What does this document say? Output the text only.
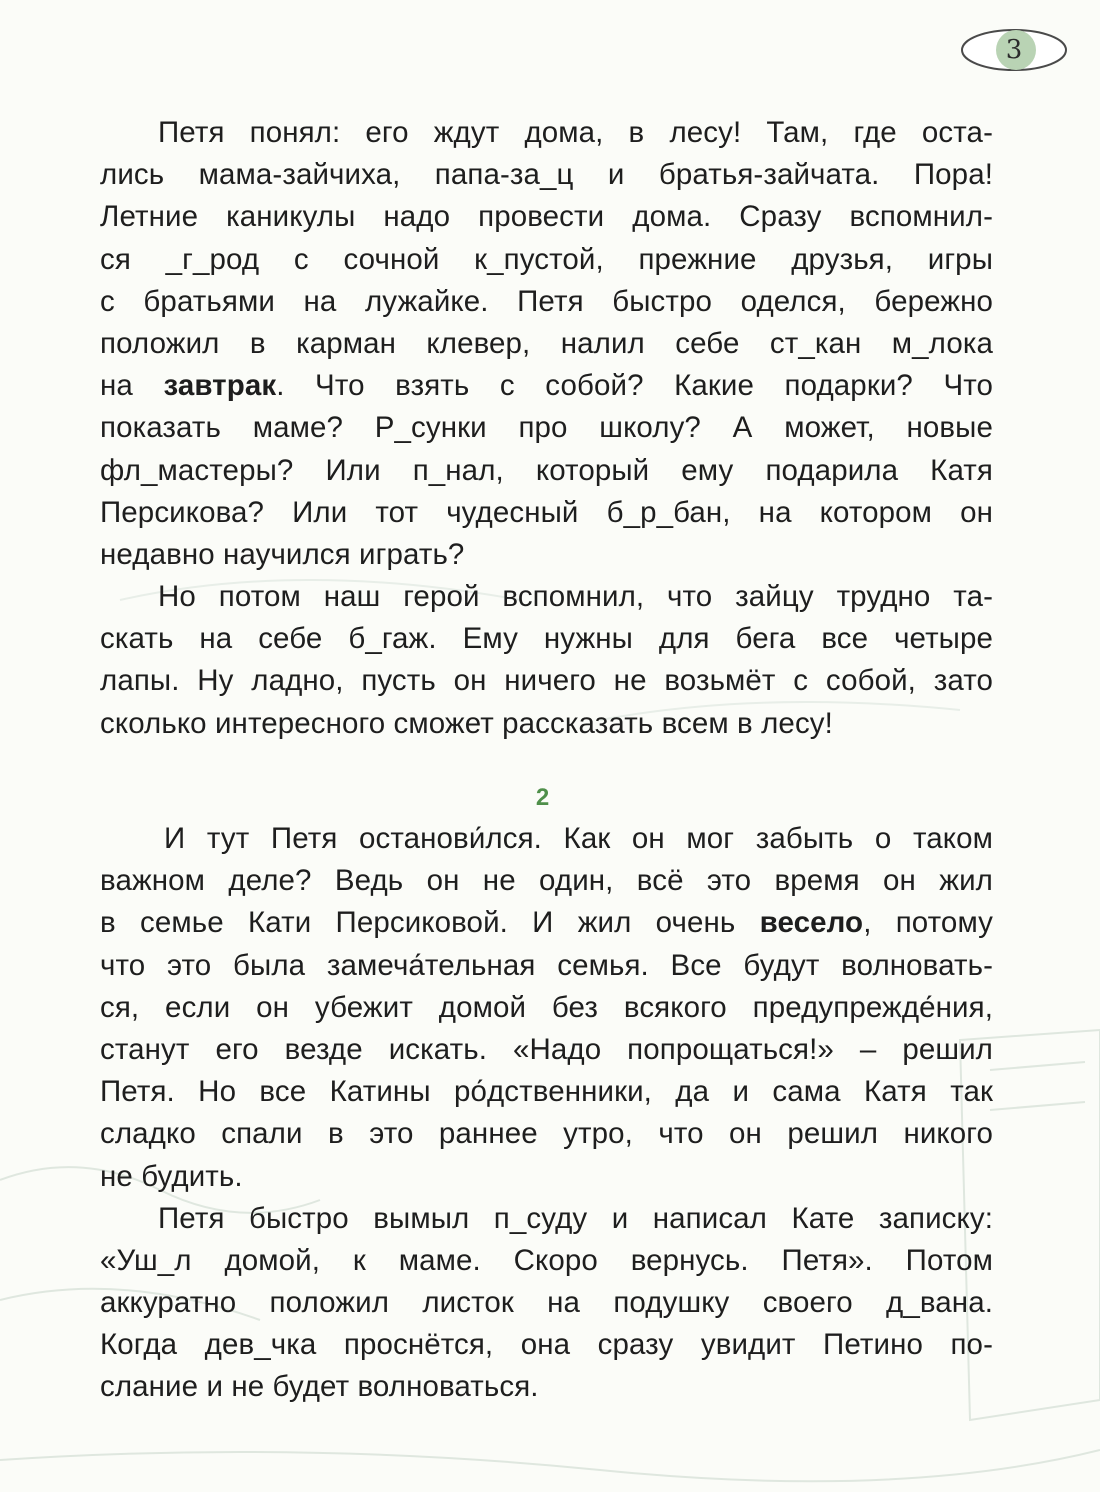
3
Петя понял: его ждут дома, в лесу! Там, где оста-
лись мама-зайчиха, папа-за_ц и братья-зайчата. Пора!
Летние каникулы надо провести дома. Сразу вспомнил-
ся _г_род с сочной к_пустой, прежние друзья, игры
с братьями на лужайке. Петя быстро оделся, бережно
положил в карман клевер, налил себе ст_кан м_лока
на завтрак. Что взять с собой? Какие подарки? Что
показать маме? Р_сунки про школу? А может, новые
фл_мастеры? Или п_нал, который ему подарила Катя
Персикова? Или тот чудесный б_р_бан, на котором он
недавно научился играть?
Но потом наш герой вспомнил, что зайцу трудно та-
скать на себе б_гаж. Ему нужны для бега все четыре
лапы. Ну ладно, пусть он ничего не возьмёт с собой, зато
сколько интересного сможет рассказать всем в лесу!
2
И тут Петя останови́лся. Как он мог забыть о таком
важном деле? Ведь он не один, всё это время он жил
в семье Кати Персиковой. И жил очень весело, потому
что это была замеча́тельная семья. Все будут волновать-
ся, если он убежит домой без всякого предупрежде́ния,
станут его везде искать. «Надо попрощаться!» – решил
Петя. Но все Катины ро́дственники, да и сама Катя так
сладко спали в это раннее утро, что он решил никого
не будить.
Петя быстро вымыл п_суду и написал Кате записку:
«Уш_л домой, к маме. Скоро вернусь. Петя». Потом
аккуратно положил листок на подушку своего д_вана.
Когда дев_чка проснётся, она сразу увидит Петино по-
слание и не будет волноваться.
